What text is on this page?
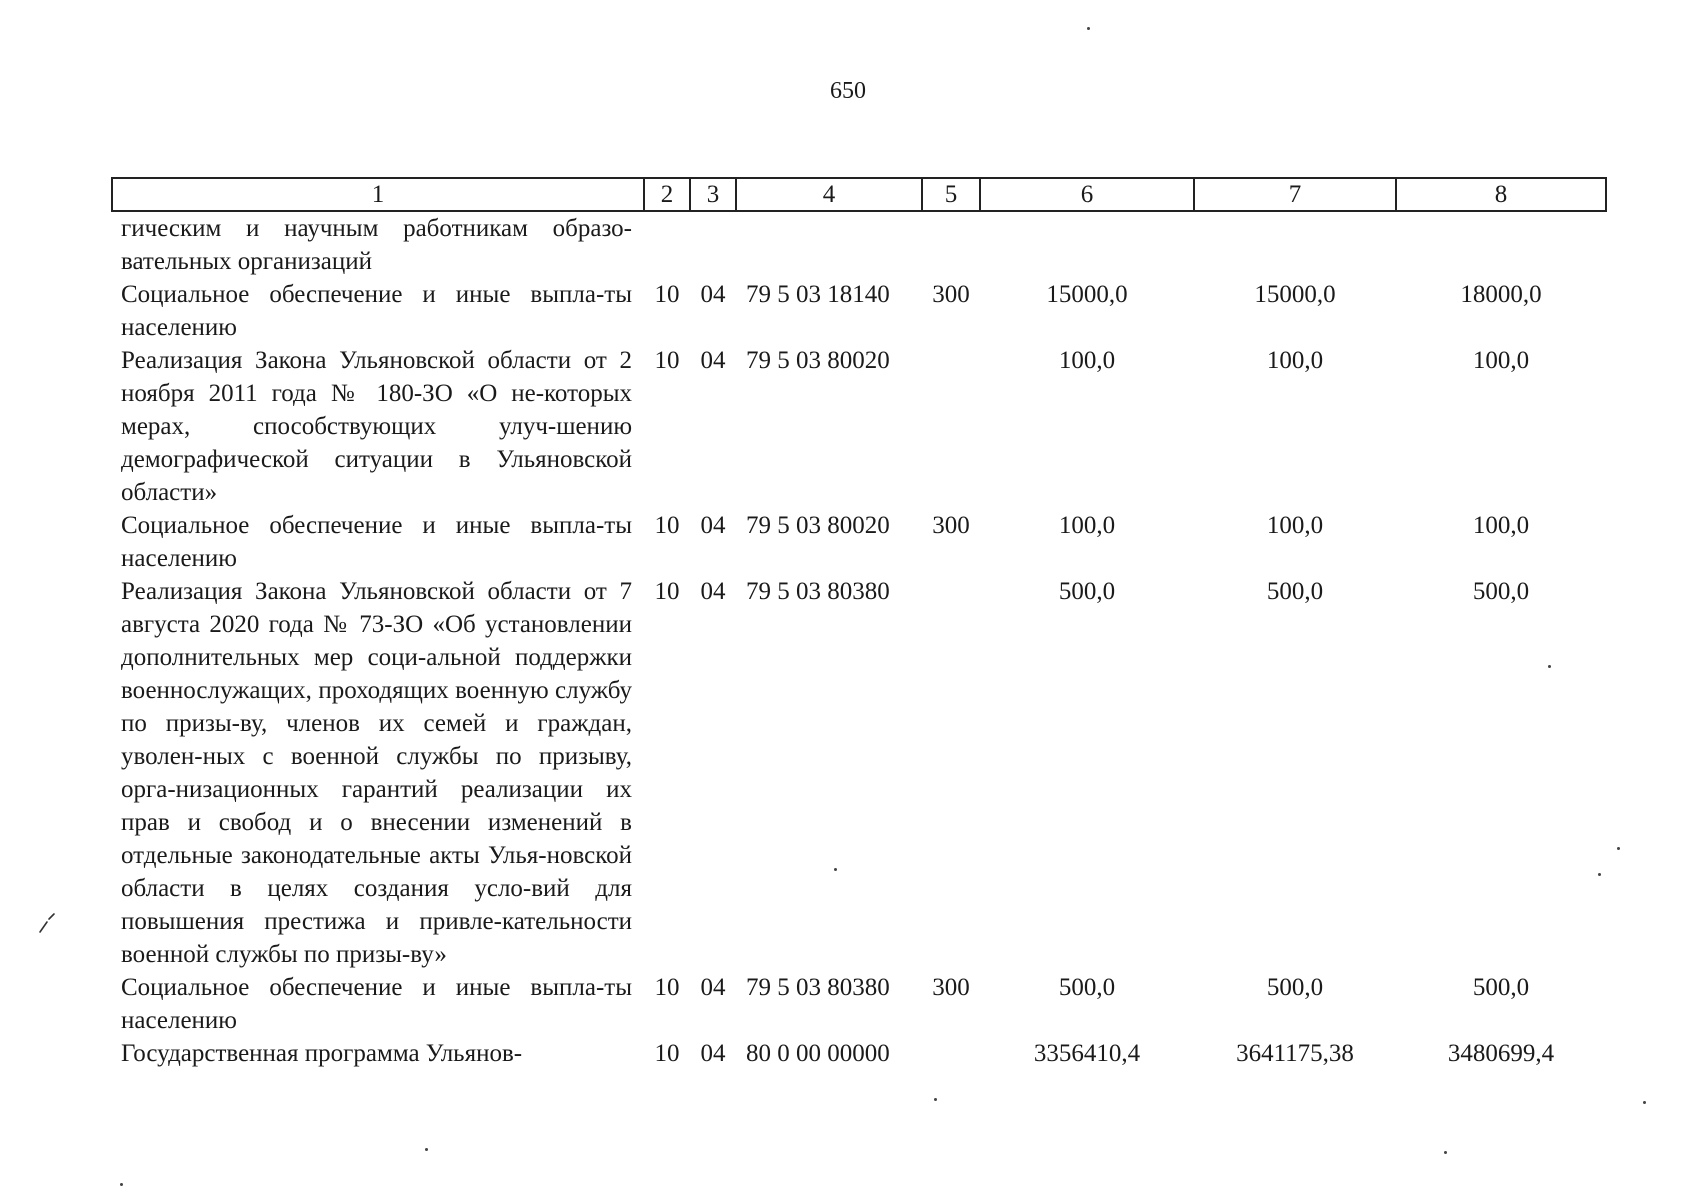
650
1	2	3	4	5	6	7	8
гическим и научным работникам образо-вательных организаций							
Социальное обеспечение и иные выпла-ты населению	10	04	79 5 03 18140	300	15000,0	15000,0	18000,0
Реализация Закона Ульяновской области от 2 ноября 2011 года № 180-ЗО «О не-которых мерах, способствующих улуч-шению демографической ситуации в Ульяновской области»	10	04	79 5 03 80020		100,0	100,0	100,0
Социальное обеспечение и иные выпла-ты населению	10	04	79 5 03 80020	300	100,0	100,0	100,0
Реализация Закона Ульяновской области от 7 августа 2020 года № 73-ЗО «Об установлении дополнительных мер соци-альной поддержки военнослужащих, проходящих военную службу по призы-ву, членов их семей и граждан, уволен-ных с военной службы по призыву, орга-низационных гарантий реализации их прав и свобод и о внесении изменений в отдельные законодательные акты Улья-новской области в целях создания усло-вий для повышения престижа и привле-кательности военной службы по призы-ву»	10	04	79 5 03 80380		500,0	500,0	500,0
Социальное обеспечение и иные выпла-ты населению	10	04	79 5 03 80380	300	500,0	500,0	500,0
Государственная программа Ульянов-	10	04	80 0 00 00000		3356410,4	3641175,38	3480699,4
